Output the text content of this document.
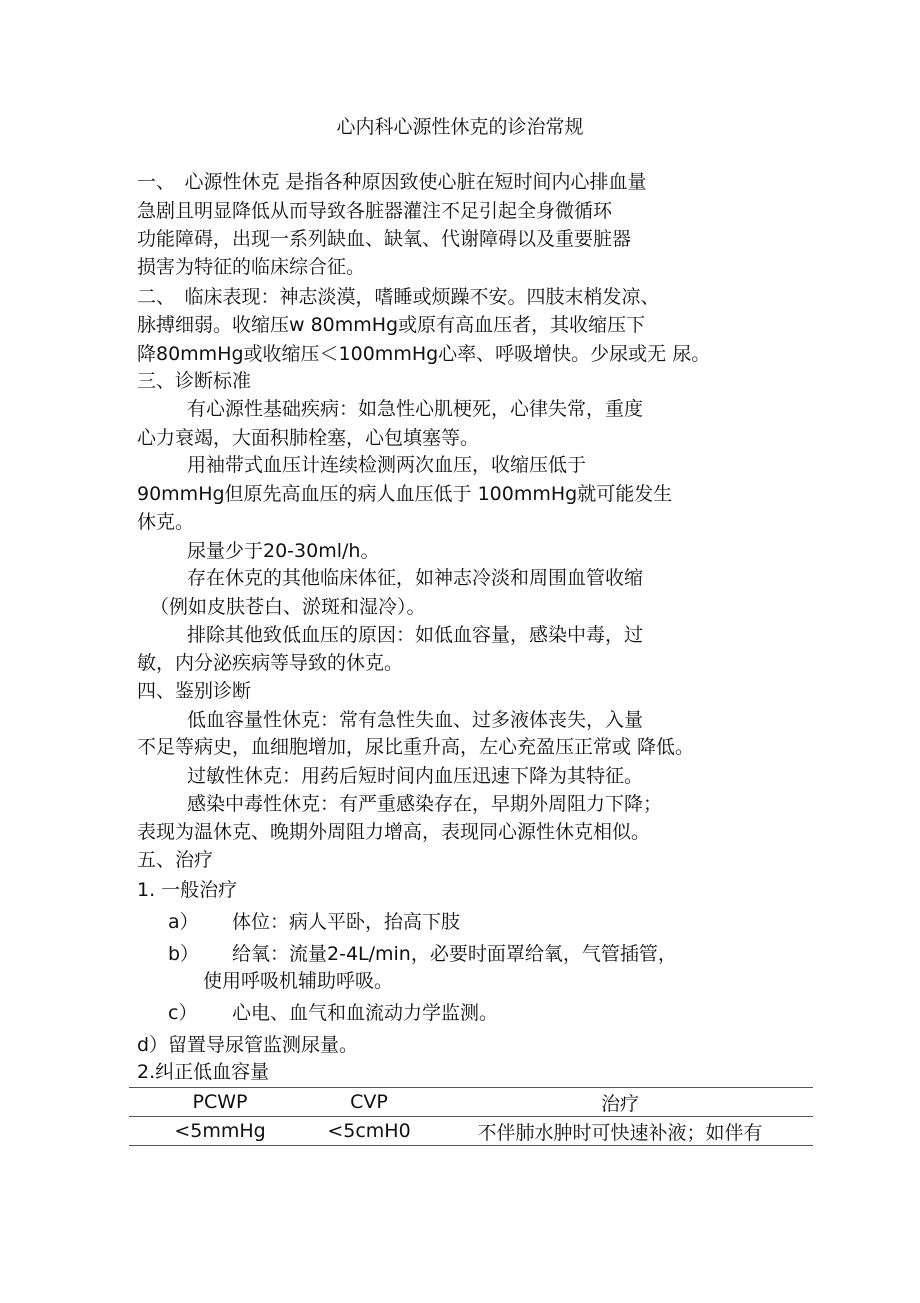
心内科心源性休克的诊治常规
一、　心源性休克 是指各种原因致使心脏在短时间内心排血量
急剧且明显降低从而导致各脏器灌注不足引起全身微循环
功能障碍，出现一系列缺血、缺氧、代谢障碍以及重要脏器
损害为特征的临床综合征。
二、　临床表现：神志淡漠，嗜睡或烦躁不安。四肢末梢发凉、
脉搏细弱。收缩压w 80mmHg或原有高血压者，其收缩压下
降80mmHg或收缩压＜100mmHg心率、呼吸增快。少尿或无 尿。
三、诊断标准
有心源性基础疾病：如急性心肌梗死，心律失常，重度
心力衰竭，大面积肺栓塞，心包填塞等。
用袖带式血压计连续检测两次血压，收缩压低于
90mmHg但原先高血压的病人血压低于 100mmHg就可能发生
休克。
尿量少于20-30ml/h。
存在休克的其他临床体征，如神志冷淡和周围血管收缩
（例如皮肤苍白、淤斑和湿冷）。
排除其他致低血压的原因：如低血容量，感染中毒，过
敏，内分泌疾病等导致的休克。
四、鉴别诊断
低血容量性休克：常有急性失血、过多液体丧失，入量
不足等病史，血细胞增加，尿比重升高，左心充盈压正常或 降低。
过敏性休克：用药后短时间内血压迅速下降为其特征。
感染中毒性休克：有严重感染存在，早期外周阻力下降；
表现为温休克、晚期外周阻力增高，表现同心源性休克相似。
五、治疗
1. 一般治疗
a） 体位：病人平卧，抬高下肢
b） 给氧：流量2-4L/min，必要时面罩给氧，气管插管，
使用呼吸机辅助呼吸。
c） 心电、血气和血流动力学监测。
d）留置导尿管监测尿量。
2.纠正低血容量
PCWP	CVP	治疗
<5mmHg	<5cmH0	不伴肺水肿时可快速补液；如伴有
